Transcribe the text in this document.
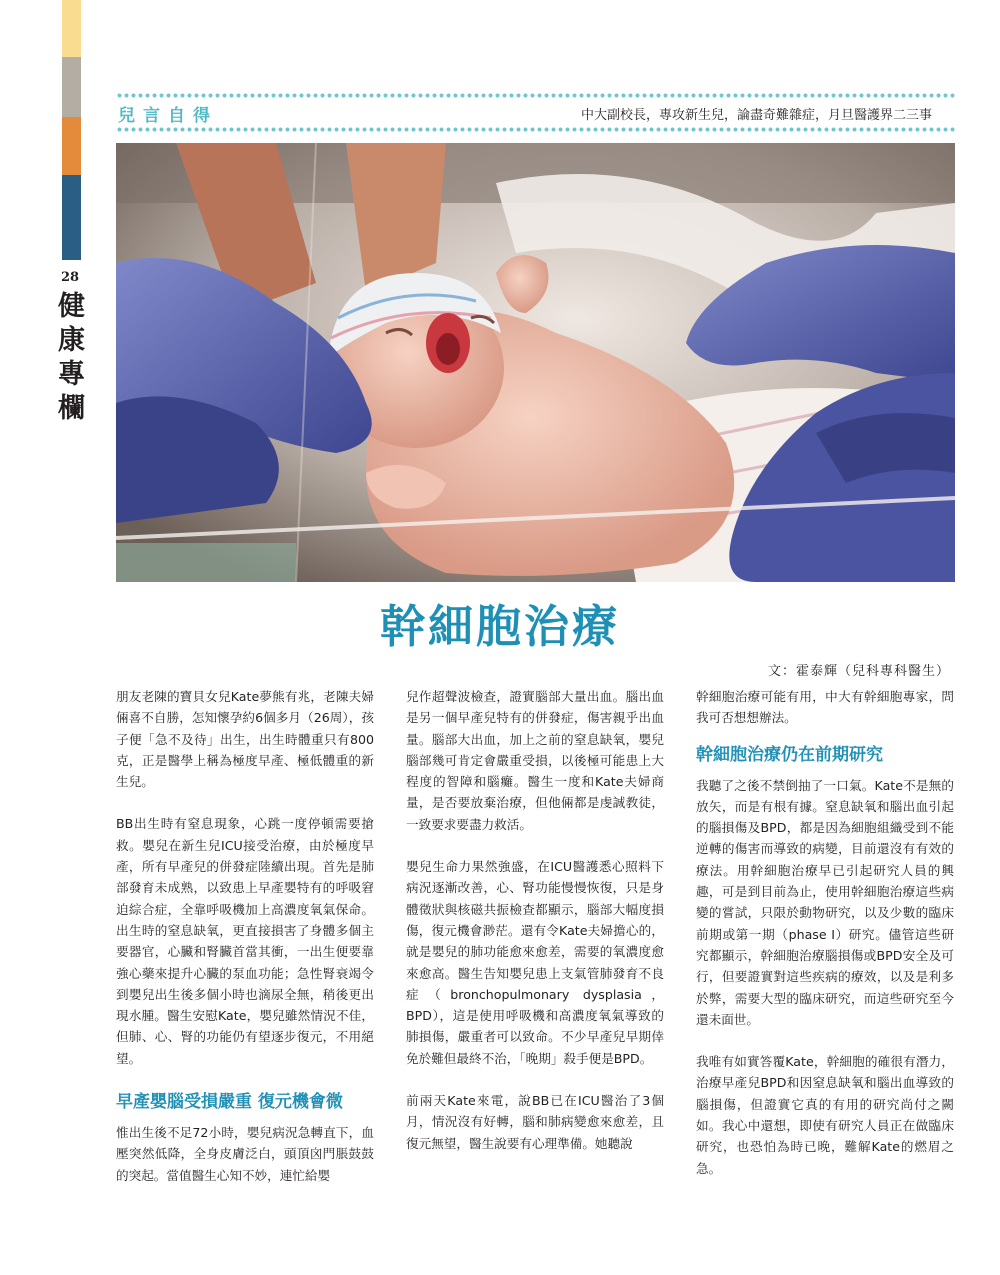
28
健康專欄
兒言自得	中大副校長，專攻新生兒，論盡奇難雜症，月旦醫護界二三事
幹細胞治療
文：霍泰輝（兒科專科醫生）

朋友老陳的寶貝女兒Kate夢熊有兆，老陳夫婦倆喜不自勝，怎知懷孕約6個多月（26周），孩子便「急不及待」出生，出生時體重只有800克，正是醫學上稱為極度早產、極低體重的新生兒。

BB出生時有窒息現象，心跳一度停頓需要搶救。嬰兒在新生兒ICU接受治療，由於極度早產，所有早產兒的併發症陸續出現。首先是肺部發育未成熟，以致患上早產嬰特有的呼吸窘迫綜合症，全靠呼吸機加上高濃度氧氣保命。出生時的窒息缺氧，更直接損害了身體多個主要器官，心臟和腎臟首當其衝，一出生便要靠強心藥來提升心臟的泵血功能；急性腎衰竭令到嬰兒出生後多個小時也滴尿全無，稍後更出現水腫。醫生安慰Kate，嬰兒雖然情況不佳，但肺、心、腎的功能仍有望逐步復元，不用絕望。

早產嬰腦受損嚴重 復元機會微

惟出生後不足72小時，嬰兒病況急轉直下，血壓突然低降，全身皮膚泛白，頭頂囟門脹鼓鼓的突起。當值醫生心知不妙，連忙給嬰

兒作超聲波檢查，證實腦部大量出血。腦出血是另一個早產兒特有的併發症，傷害親乎出血量。腦部大出血，加上之前的窒息缺氧，嬰兒腦部幾可肯定會嚴重受損，以後極可能患上大程度的智障和腦癱。醫生一度和Kate夫婦商量，是否要放棄治療，但他倆都是虔誠教徒，一致要求要盡力救活。

嬰兒生命力果然強盛，在ICU醫護悉心照料下病況逐漸改善，心、腎功能慢慢恢復，只是身體徵狀與核磁共振檢查都顯示，腦部大幅度損傷，復元機會渺茫。還有令Kate夫婦擔心的，就是嬰兒的肺功能愈來愈差，需要的氧濃度愈來愈高。醫生告知嬰兒患上支氣管肺發育不良症（bronchopulmonary dysplasia，BPD），這是使用呼吸機和高濃度氧氣導致的肺損傷，嚴重者可以致命。不少早產兒早期倖免於難但最終不治，「晚期」殺手便是BPD。

前兩天Kate來電，說BB已在ICU醫治了3個月，情況沒有好轉，腦和肺病變愈來愈差，且復元無望，醫生說要有心理準備。她聽說

幹細胞治療可能有用，中大有幹細胞專家，問我可否想想辦法。

幹細胞治療仍在前期研究

我聽了之後不禁倒抽了一口氣。Kate不是無的放矢，而是有根有據。窒息缺氧和腦出血引起的腦損傷及BPD，都是因為細胞組織受到不能逆轉的傷害而導致的病變，目前還沒有有效的療法。用幹細胞治療早已引起研究人員的興趣，可是到目前為止，使用幹細胞治療這些病變的嘗試，只限於動物研究，以及少數的臨床前期或第一期（phase I）研究。儘管這些研究都顯示，幹細胞治療腦損傷或BPD安全及可行，但要證實對這些疾病的療效，以及是利多於弊，需要大型的臨床研究，而這些研究至今還未面世。

我唯有如實答覆Kate，幹細胞的確很有潛力，治療早產兒BPD和因窒息缺氧和腦出血導致的腦損傷，但證實它真的有用的研究尚付之闕如。我心中還想，即使有研究人員正在做臨床研究，也恐怕為時已晚，難解Kate的燃眉之急。
